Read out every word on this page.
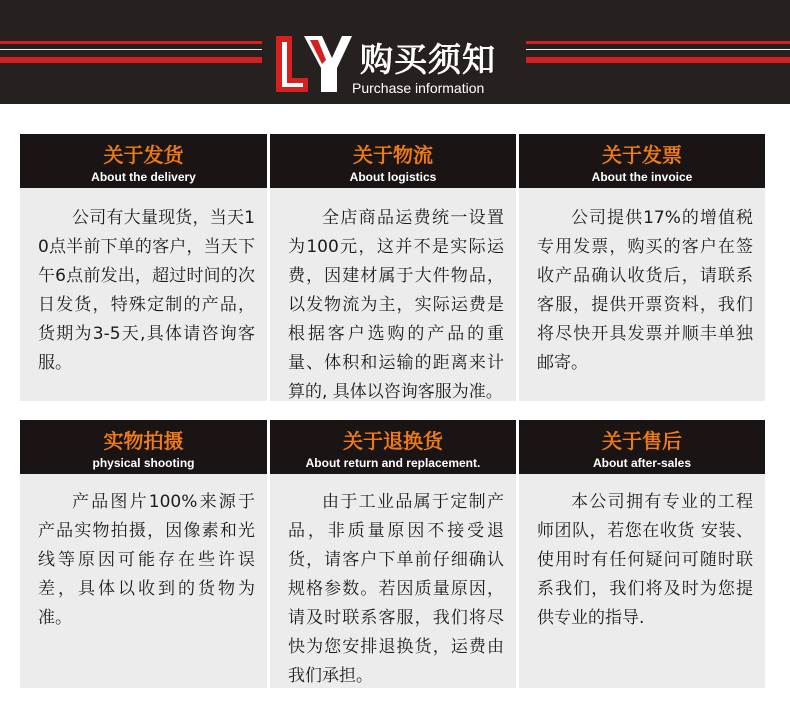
购买须知
Purchase information
关于发货
About the delivery
公司有大量现货，当天10点半前下单的客户，当天下午6点前发出，超过时间的次日发货，特殊定制的产品，货期为3-5天,具体请咨询客服。
关于物流
About logistics
全店商品运费统一设置为100元，这并不是实际运费，因建材属于大件物品，以发物流为主，实际运费是根据客户选购的产品的重量、体积和运输的距离来计算的, 具体以咨询客服为准。
关于发票
About the invoice
公司提供17%的增值税专用发票，购买的客户在签收产品确认收货后，请联系客服，提供开票资料，我们将尽快开具发票并顺丰单独邮寄。
实物拍摄
physical shooting
产品图片100%来源于产品实物拍摄，因像素和光线等原因可能存在些许误差，具体以收到的货物为准。
关于退换货
About return and replacement.
由于工业品属于定制产品，非质量原因不接受退货，请客户下单前仔细确认规格参数。若因质量原因，请及时联系客服，我们将尽快为您安排退换货，运费由我们承担。
关于售后
About after-sales
本公司拥有专业的工程师团队，若您在收货 安装、使用时有任何疑问可随时联系我们，我们将及时为您提供专业的指导.
